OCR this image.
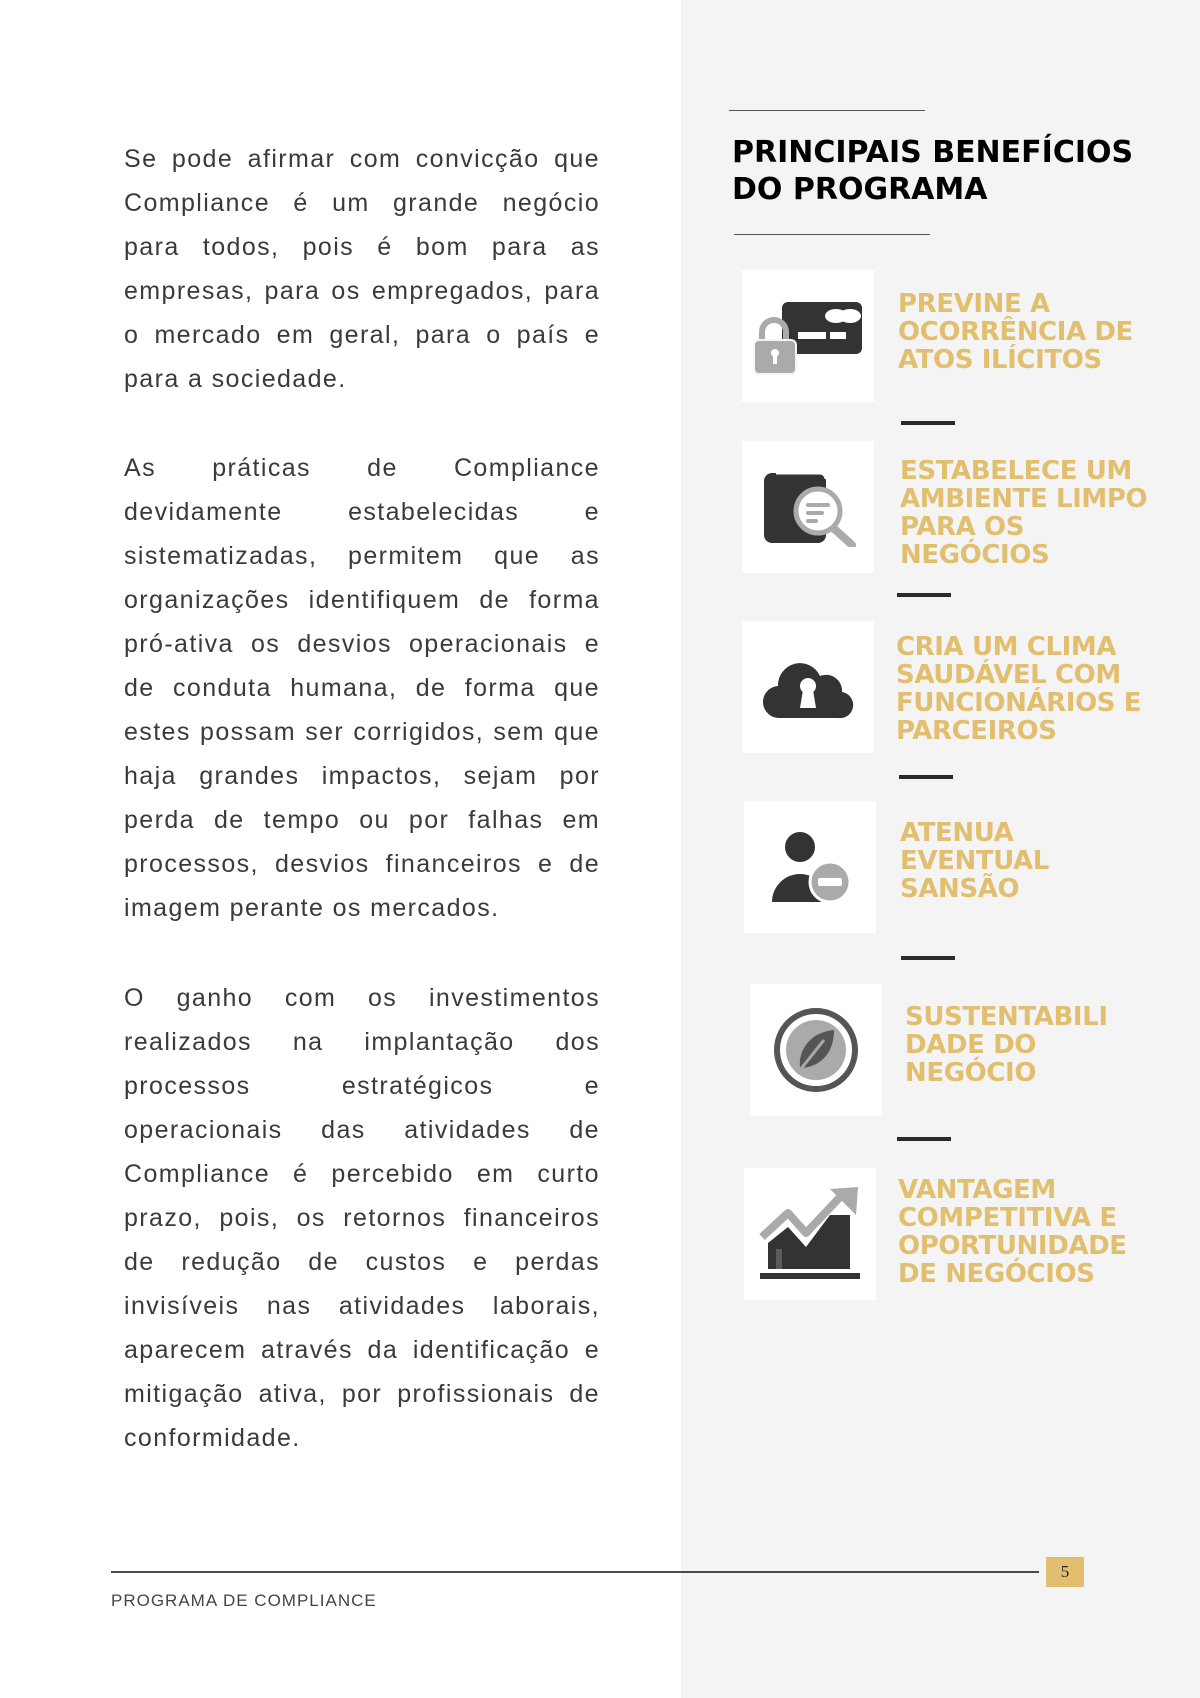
Se pode afirmar com convicção que Compliance é um grande negócio para todos, pois é bom para as empresas, para os empregados, para o mercado em geral, para o país e para a sociedade.

As práticas de Compliance devidamente estabelecidas e sistematizadas, permitem que as organizações identifiquem de forma pró-ativa os desvios operacionais e de conduta humana, de forma que estes possam ser corrigidos, sem que haja grandes impactos, sejam por perda de tempo ou por falhas em processos, desvios financeiros e de imagem perante os mercados.

O ganho com os investimentos realizados na implantação dos processos estratégicos e operacionais das atividades de Compliance é percebido em curto prazo, pois, os retornos financeiros de redução de custos e perdas invisíveis nas atividades laborais, aparecem através da identificação e mitigação ativa, por profissionais de conformidade.

PRINCIPAIS BENEFÍCIOS DO PROGRAMA

PREVINE A OCORRÊNCIA DE ATOS ILÍCITOS

ESTABELECE UM AMBIENTE LIMPO PARA OS NEGÓCIOS

CRIA UM CLIMA SAUDÁVEL COM FUNCIONÁRIOS E PARCEIROS

ATENUA EVENTUAL SANSÃO

SUSTENTABILI DADE DO NEGÓCIO

VANTAGEM COMPETITIVA E OPORTUNIDADE DE NEGÓCIOS

5

PROGRAMA DE COMPLIANCE
